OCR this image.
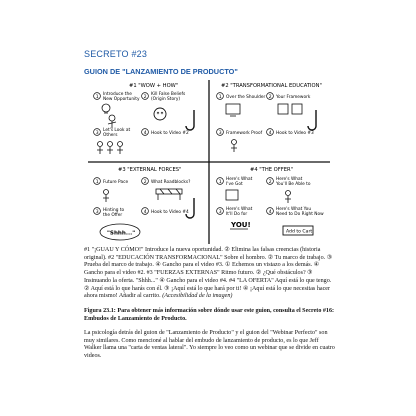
SECRETO #23
GUION DE "LANZAMIENTO DE PRODUCTO"
#1 "WOW + HOW"
1
Introduce the
New Opportunity 2
Kill False Beliefs
(Origin Story)
3
Let's Look at
Others	4 Hook to Video #2
#2 "TRANSFORMATIONAL EDUCATION"
1 Over the Shoulder 2 Your Framework
3 Framework Proof 4 Hook to Video #3
#3 "EXTERNAL FORCES"
1 Future Pace	2 What Roadblocks?
3 Hinting to
the Offer
"Shhh..."
4 Hook to Video #4
#4 "THE OFFER"
1
Here's What
I've Got	2
Here's What
You'll Be Able to
3
Here's What
It'll Do for
YOU!
4
Here's What You
Need to Do Right Now
Add to Cart
#1 "¡GUAU Y CÓMO!" Introduce la nueva oportunidad. ② Elimina las falsas creencias (historia original). #2 "EDUCACIÓN TRANSFORMACIONAL" Sobre el hombro. ② Tu marco de trabajo. ③ Prueba del marco de trabajo. ④ Gancho para el video #3. ① Echemos un vistazo a los demás. ④ Gancho para el video #2. #3 "FUERZAS EXTERNAS" Ritmo futuro. ② ¿Qué obstáculos? ③ Insinuando la oferta. "Shhh..." ④ Gancho para el video #4. #4 "LA OFERTA" Aquí está lo que tengo. ② Aquí está lo que harás con él. ③ ¡Aquí está lo que hará por ti! ④ ¡Aquí está lo que necesitas hacer ahora mismo! Añadir al carrito. (Accesibilidad de la imagen)
Figura 23.1: Para obtener más información sobre dónde usar este guion, consulta el Secreto #16: Embudos de Lanzamiento de Producto.
La psicología detrás del guion de "Lanzamiento de Producto" y el guion del "Webinar Perfecto" son muy similares. Como mencioné al hablar del embudo de lanzamiento de producto, es lo que Jeff Walker llama una "carta de ventas lateral". Yo siempre lo veo como un webinar que se divide en cuatro videos.
